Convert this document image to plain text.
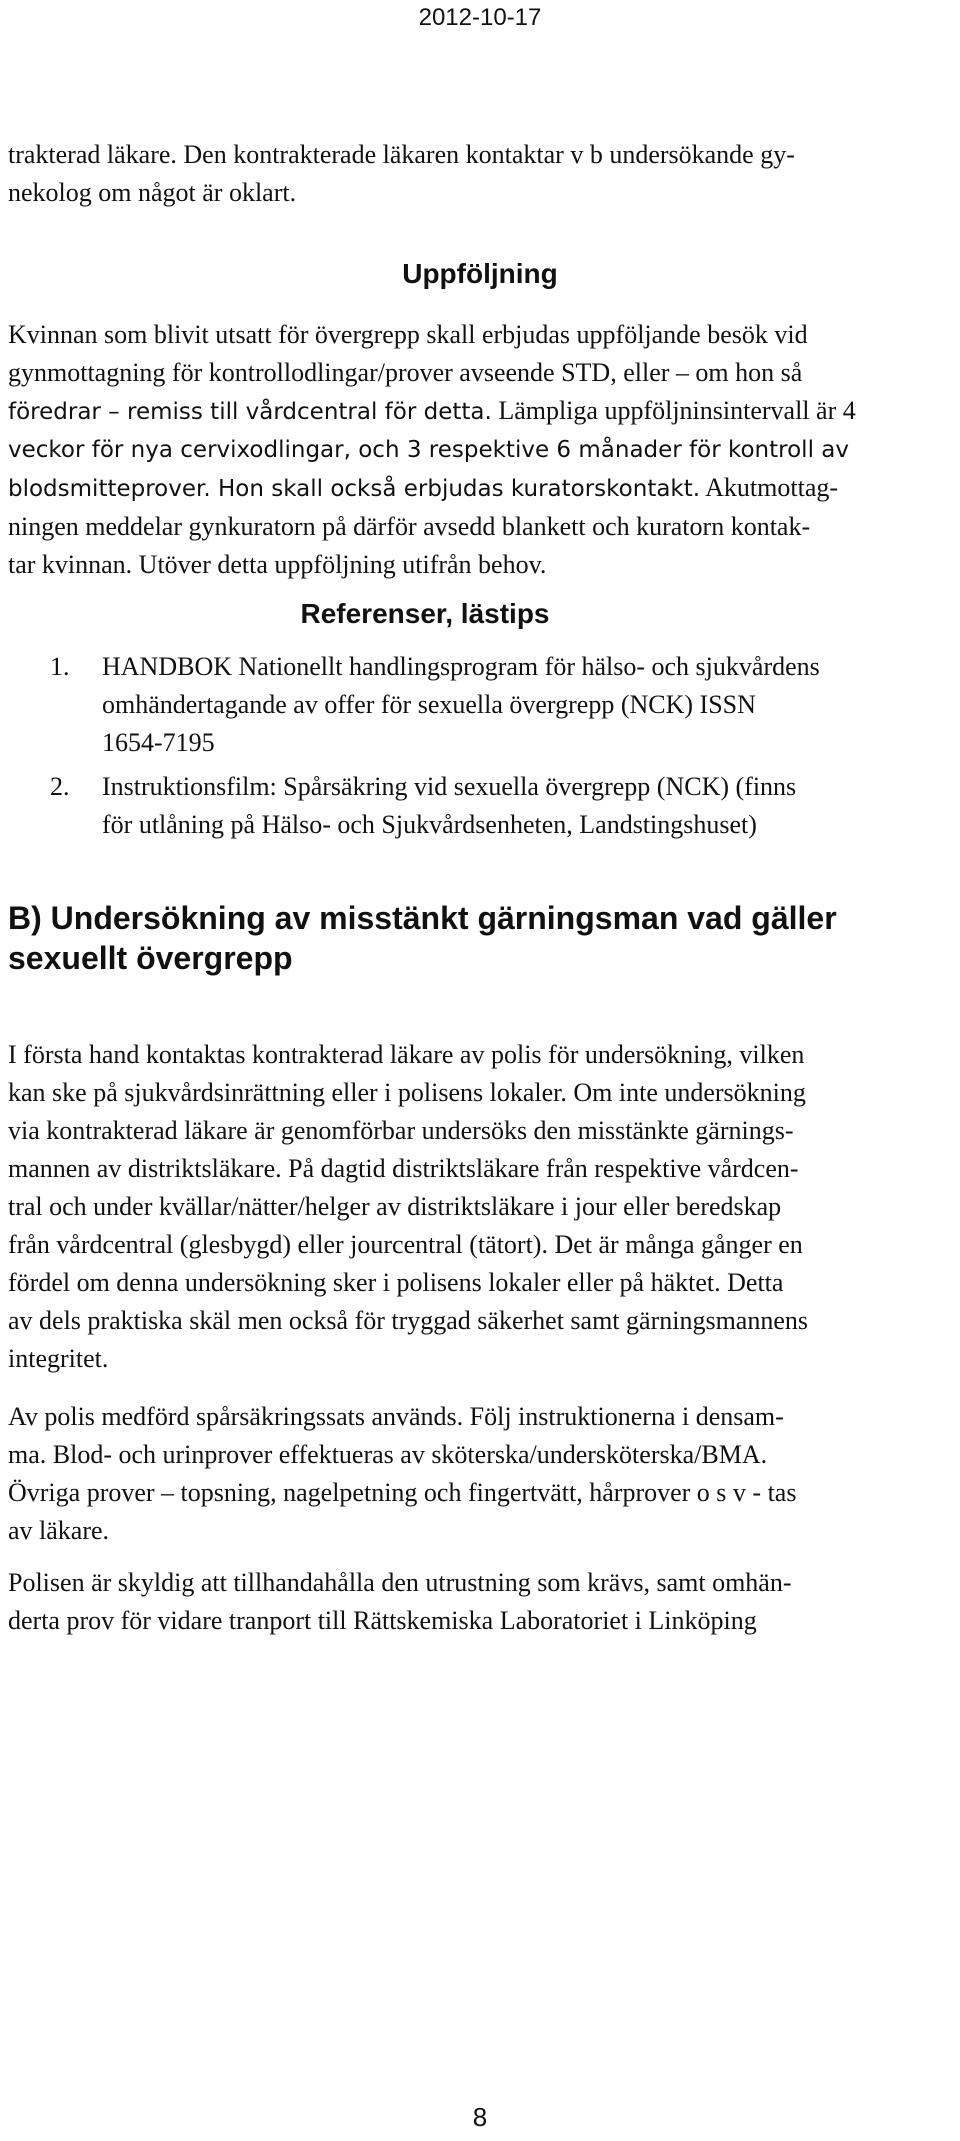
2012-10-17
trakterad läkare. Den kontrakterade läkaren kontaktar v b undersökande gy-
nekolog om något är oklart.
Uppföljning
Kvinnan som blivit utsatt för övergrepp skall erbjudas uppföljande besök vid
gynmottagning för kontrollodlingar/prover avseende STD, eller – om hon så
föredrar – remiss till vårdcentral för detta. Lämpliga uppföljninsintervall är 4
veckor för nya cervixodlingar, och 3 respektive 6 månader för kontroll av
blodsmitteprover. Hon skall också erbjudas kuratorskontakt. Akutmottag-
ningen meddelar gynkuratorn på därför avsedd blankett och kuratorn kontak-
tar kvinnan. Utöver detta uppföljning utifrån behov.
Referenser, lästips
1. HANDBOK Nationellt handlingsprogram för hälso- och sjukvårdens
omhändertagande av offer för sexuella övergrepp (NCK) ISSN
1654-7195
2. Instruktionsfilm: Spårsäkring vid sexuella övergrepp (NCK) (finns
för utlåning på Hälso- och Sjukvårdsenheten, Landstingshuset)
B) Undersökning av misstänkt gärningsman vad gäller
sexuellt övergrepp
I första hand kontaktas kontrakterad läkare av polis för undersökning, vilken
kan ske på sjukvårdsinrättning eller i polisens lokaler. Om inte undersökning
via kontrakterad läkare är genomförbar undersöks den misstänkte gärnings-
mannen av distriktsläkare. På dagtid distriktsläkare från respektive vårdcen-
tral och under kvällar/nätter/helger av distriktsläkare i jour eller beredskap
från vårdcentral (glesbygd) eller jourcentral (tätort). Det är många gånger en
fördel om denna undersökning sker i polisens lokaler eller på häktet. Detta
av dels praktiska skäl men också för tryggad säkerhet samt gärningsmannens
integritet.
Av polis medförd spårsäkringssats används. Följ instruktionerna i densam-
ma. Blod- och urinprover effektueras av sköterska/undersköterska/BMA.
Övriga prover – topsning, nagelpetning och fingertvätt, hårprover o s v - tas
av läkare.
Polisen är skyldig att tillhandahålla den utrustning som krävs, samt omhän-
derta prov för vidare tranport till Rättskemiska Laboratoriet i Linköping
8
